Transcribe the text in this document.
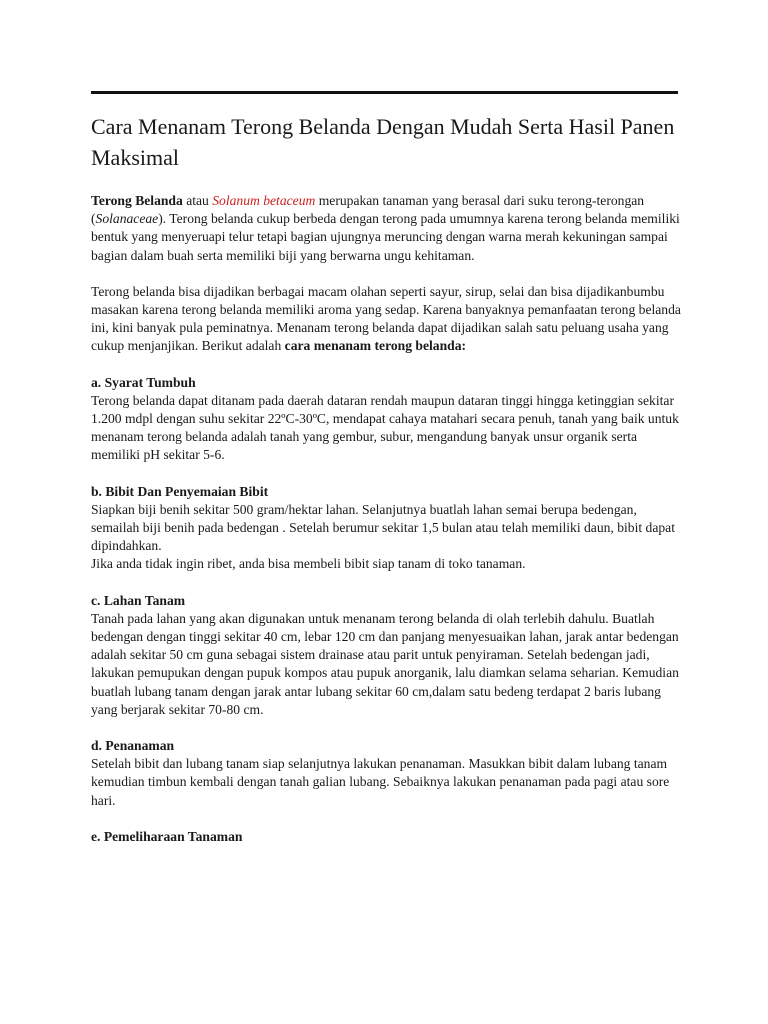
Cara Menanam Terong Belanda Dengan Mudah Serta Hasil Panen Maksimal

Terong Belanda atau Solanum betaceum merupakan tanaman yang berasal dari suku terong-terongan (Solanaceae). Terong belanda cukup berbeda dengan terong pada umumnya karena terong belanda memiliki bentuk yang menyeruapi telur tetapi bagian ujungnya meruncing dengan warna merah kekuningan sampai bagian dalam buah serta memiliki biji yang berwarna ungu kehitaman.

Terong belanda bisa dijadikan berbagai macam olahan seperti sayur, sirup, selai dan bisa dijadikanbumbu masakan karena terong belanda memiliki aroma yang sedap. Karena banyaknya pemanfaatan terong belanda ini, kini banyak pula peminatnya. Menanam terong belanda dapat dijadikan salah satu peluang usaha yang cukup menjanjikan. Berikut adalah cara menanam terong belanda:

a. Syarat Tumbuh

Terong belanda dapat ditanam pada daerah dataran rendah maupun dataran tinggi hingga ketinggian sekitar 1.200 mdpl dengan suhu sekitar 22ºC-30ºC, mendapat cahaya matahari secara penuh, tanah yang baik untuk menanam terong belanda adalah tanah yang gembur, subur, mengandung banyak unsur organik serta memiliki pH sekitar 5-6.

b. Bibit Dan Penyemaian Bibit

Siapkan biji benih sekitar 500 gram/hektar lahan. Selanjutnya buatlah lahan semai berupa bedengan, semailah biji benih pada bedengan . Setelah berumur sekitar 1,5 bulan atau telah memiliki daun, bibit dapat dipindahkan.

Jika anda tidak ingin ribet, anda bisa membeli bibit siap tanam di toko tanaman.

c. Lahan Tanam

Tanah pada lahan yang akan digunakan untuk menanam terong belanda di olah terlebih dahulu. Buatlah bedengan dengan tinggi sekitar 40 cm, lebar 120 cm dan panjang menyesuaikan lahan, jarak antar bedengan adalah sekitar 50 cm guna sebagai sistem drainase atau parit untuk penyiraman. Setelah bedengan jadi, lakukan pemupukan dengan pupuk kompos atau pupuk anorganik, lalu diamkan selama seharian. Kemudian buatlah lubang tanam dengan jarak antar lubang sekitar 60 cm,dalam satu bedeng terdapat 2 baris lubang yang berjarak sekitar 70-80 cm.

d. Penanaman

Setelah bibit dan lubang tanam siap selanjutnya lakukan penanaman. Masukkan bibit dalam lubang tanam kemudian timbun kembali dengan tanah galian lubang. Sebaiknya lakukan penanaman pada pagi atau sore hari.

e. Pemeliharaan Tanaman
